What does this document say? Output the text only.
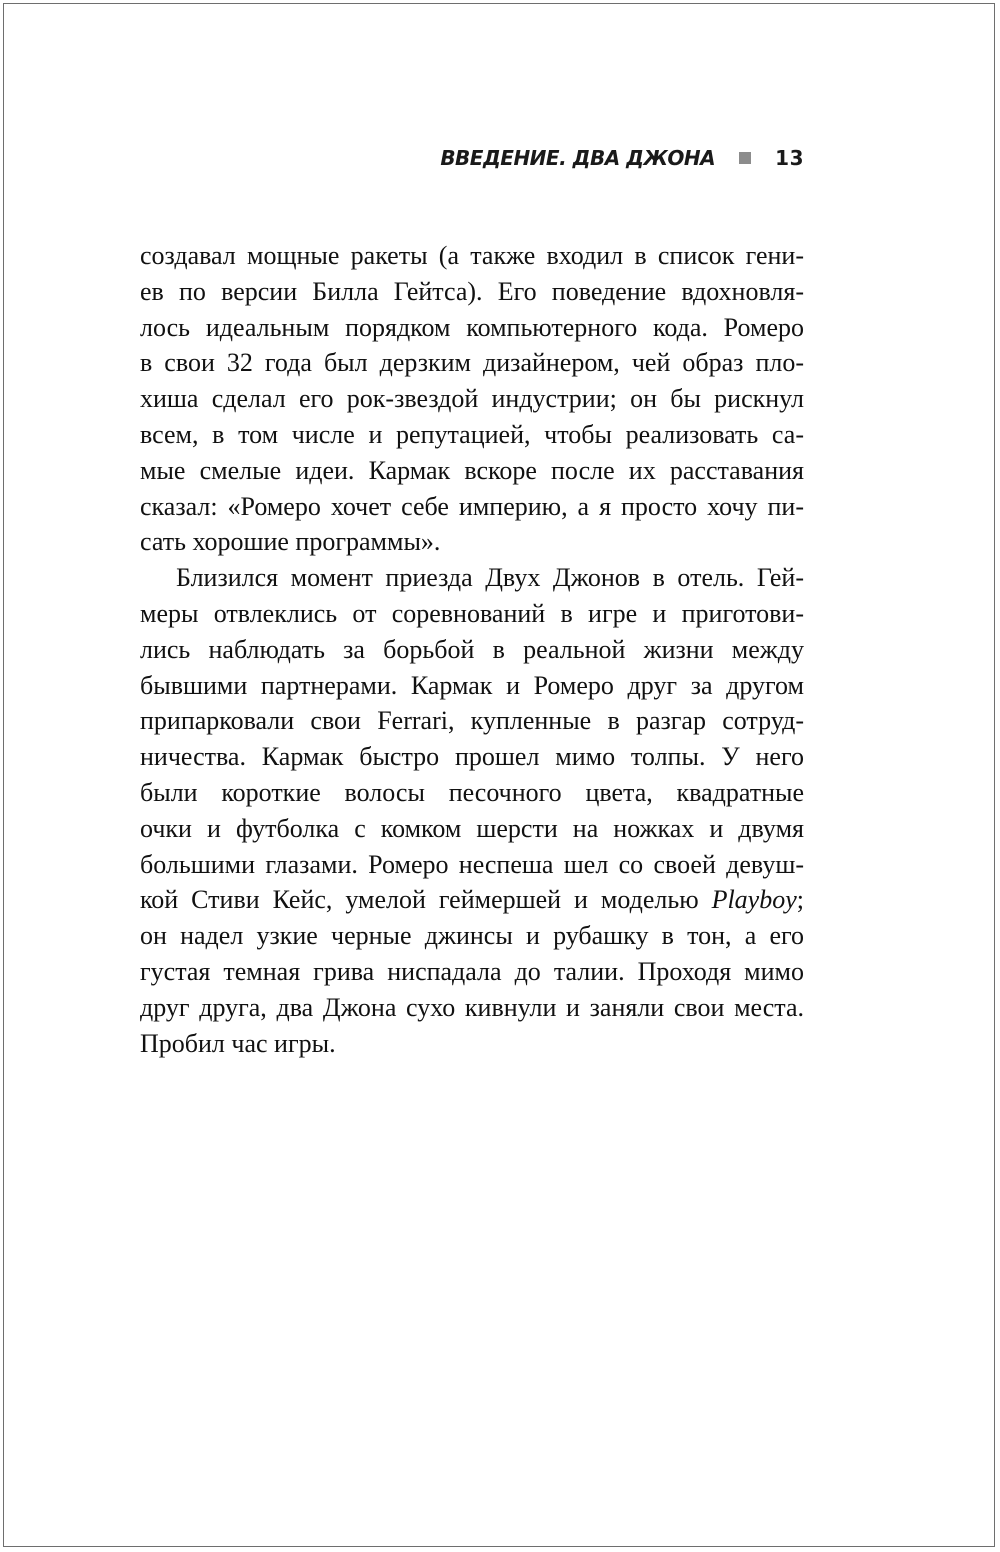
ВВЕДЕНИЕ. ДВА ДЖОНА	13
создавал мощные ракеты (а также входил в список гени-
ев по версии Билла Гейтса). Его поведение вдохновля-
лось идеальным порядком компьютерного кода. Ромеро
в свои 32 года был дерзким дизайнером, чей образ пло-
хиша сделал его рок-звездой индустрии; он бы рискнул
всем, в том числе и репутацией, чтобы реализовать са-
мые смелые идеи. Кармак вскоре после их расставания
сказал: «Ромеро хочет себе империю, а я просто хочу пи-
сать хорошие программы».
Близился момент приезда Двух Джонов в отель. Гей-
меры отвлеклись от соревнований в игре и приготови-
лись наблюдать за борьбой в реальной жизни между
бывшими партнерами. Кармак и Ромеро друг за другом
припарковали свои Ferrari, купленные в разгар сотруд-
ничества. Кармак быстро прошел мимо толпы. У него
были короткие волосы песочного цвета, квадратные
очки и футболка с комком шерсти на ножках и двумя
большими глазами. Ромеро неспеша шел со своей девуш-
кой Стиви Кейс, умелой геймершей и моделью Playboy;
он надел узкие черные джинсы и рубашку в тон, а его
густая темная грива ниспадала до талии. Проходя мимо
друг друга, два Джона сухо кивнули и заняли свои места.
Пробил час игры.
